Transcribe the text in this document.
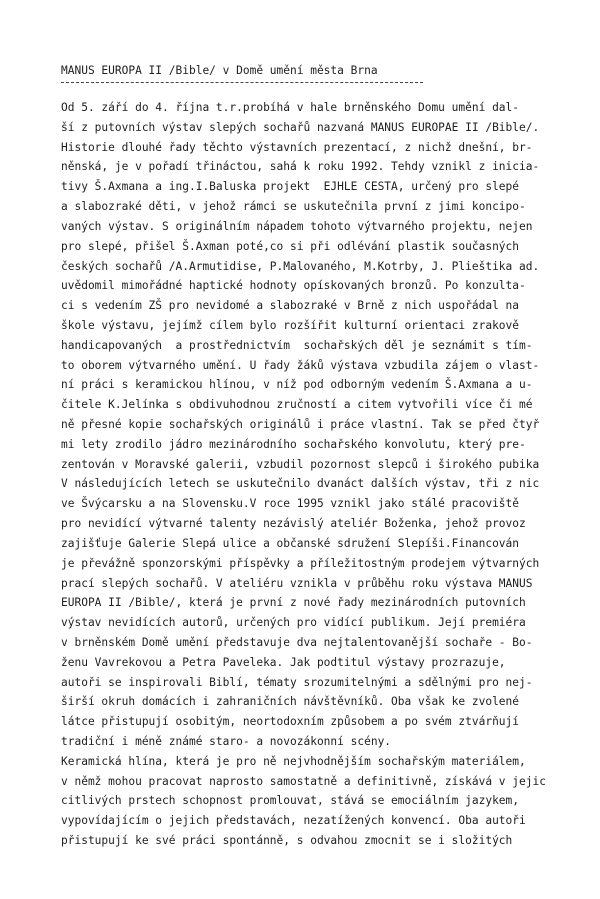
MANUS EUROPA II /Bible/ v Domě umění města Brna
Od 5. září do 4. října t.r.probíhá v hale brněnského Domu umění dal-
ší z putovních výstav slepých sochařů nazvaná MANUS EUROPAE II /Bible/.
Historie dlouhé řady těchto výstavních prezentací, z nichž dnešní, br-
něnská, je v pořadí třináctou, sahá k roku 1992. Tehdy vznikl z inicia-
tivy Š.Axmana a ing.I.Baluska projekt  EJHLE CESTA, určený pro slepé
a slabozraké děti, v jehož rámci se uskutečnila první z jimi koncipo-
vaných výstav. S originálním nápadem tohoto výtvarného projektu, nejen
pro slepé, přišel Š.Axman poté,co si při odlévání plastik současných
českých sochařů /A.Armutidise, P.Malovaného, M.Kotrby, J. Plieštika ad.
uvědomil mimořádné haptické hodnoty opískovaných bronzů. Po konzulta-
ci s vedením ZŠ pro nevidomé a slabozraké v Brně z nich uspořádal na
škole výstavu, jejímž cílem bylo rozšířit kulturní orientaci zrakově
handicapovaných  a prostřednictvím  sochařských děl je seznámit s tím-
to oborem výtvarného umění. U řady žáků výstava vzbudila zájem o vlast-
ní práci s keramickou hlínou, v níž pod odborným vedením Š.Axmana a u-
čitele K.Jelínka s obdivuhodnou zručností a citem vytvořili více či mé
ně přesné kopie sochařských originálů i práce vlastní. Tak se před čtyř
mi lety zrodilo jádro mezinárodního sochařského konvolutu, který pre-
zentován v Moravské galerii, vzbudil pozornost slepců i širokého pubika
V následujících letech se uskutečnilo dvanáct dalších výstav, tři z nic
ve Švýcarsku a na Slovensku.V roce 1995 vznikl jako stálé pracoviště
pro nevidící výtvarné talenty nezávislý ateliér Boženka, jehož provoz
zajišťuje Galerie Slepá ulice a občanské sdružení Slepíši.Financován
je převážně sponzorskými příspěvky a příležitostným prodejem výtvarných
prací slepých sochařů. V ateliéru vznikla v průběhu roku výstava MANUS
EUROPA II /Bible/, která je první z nové řady mezinárodních putovních
výstav nevidících autorů, určených pro vidící publikum. Její premiéra
v brněnském Domě umění představuje dva nejtalentovanější sochaře - Bo-
ženu Vavrekovou a Petra Paveleka. Jak podtitul výstavy prozrazuje,
autoři se inspirovali Biblí, tématy srozumitelnými a sdělnými pro nej-
širší okruh domácích i zahraničních návštěvníků. Oba však ke zvolené
látce přistupují osobitým, neortodoxním způsobem a po svém ztvárňují
tradiční i méně známé staro- a novozákonní scény.
Keramická hlína, která je pro ně nejvhodnějším sochařským materiálem,
v němž mohou pracovat naprosto samostatně a definitivně, získává v jejic
citlivých prstech schopnost promlouvat, stává se emociálním jazykem,
vypovídajícím o jejich představách, nezatížených konvencí. Oba autoři
přistupují ke své práci spontánně, s odvahou zmocnit se i složitých
